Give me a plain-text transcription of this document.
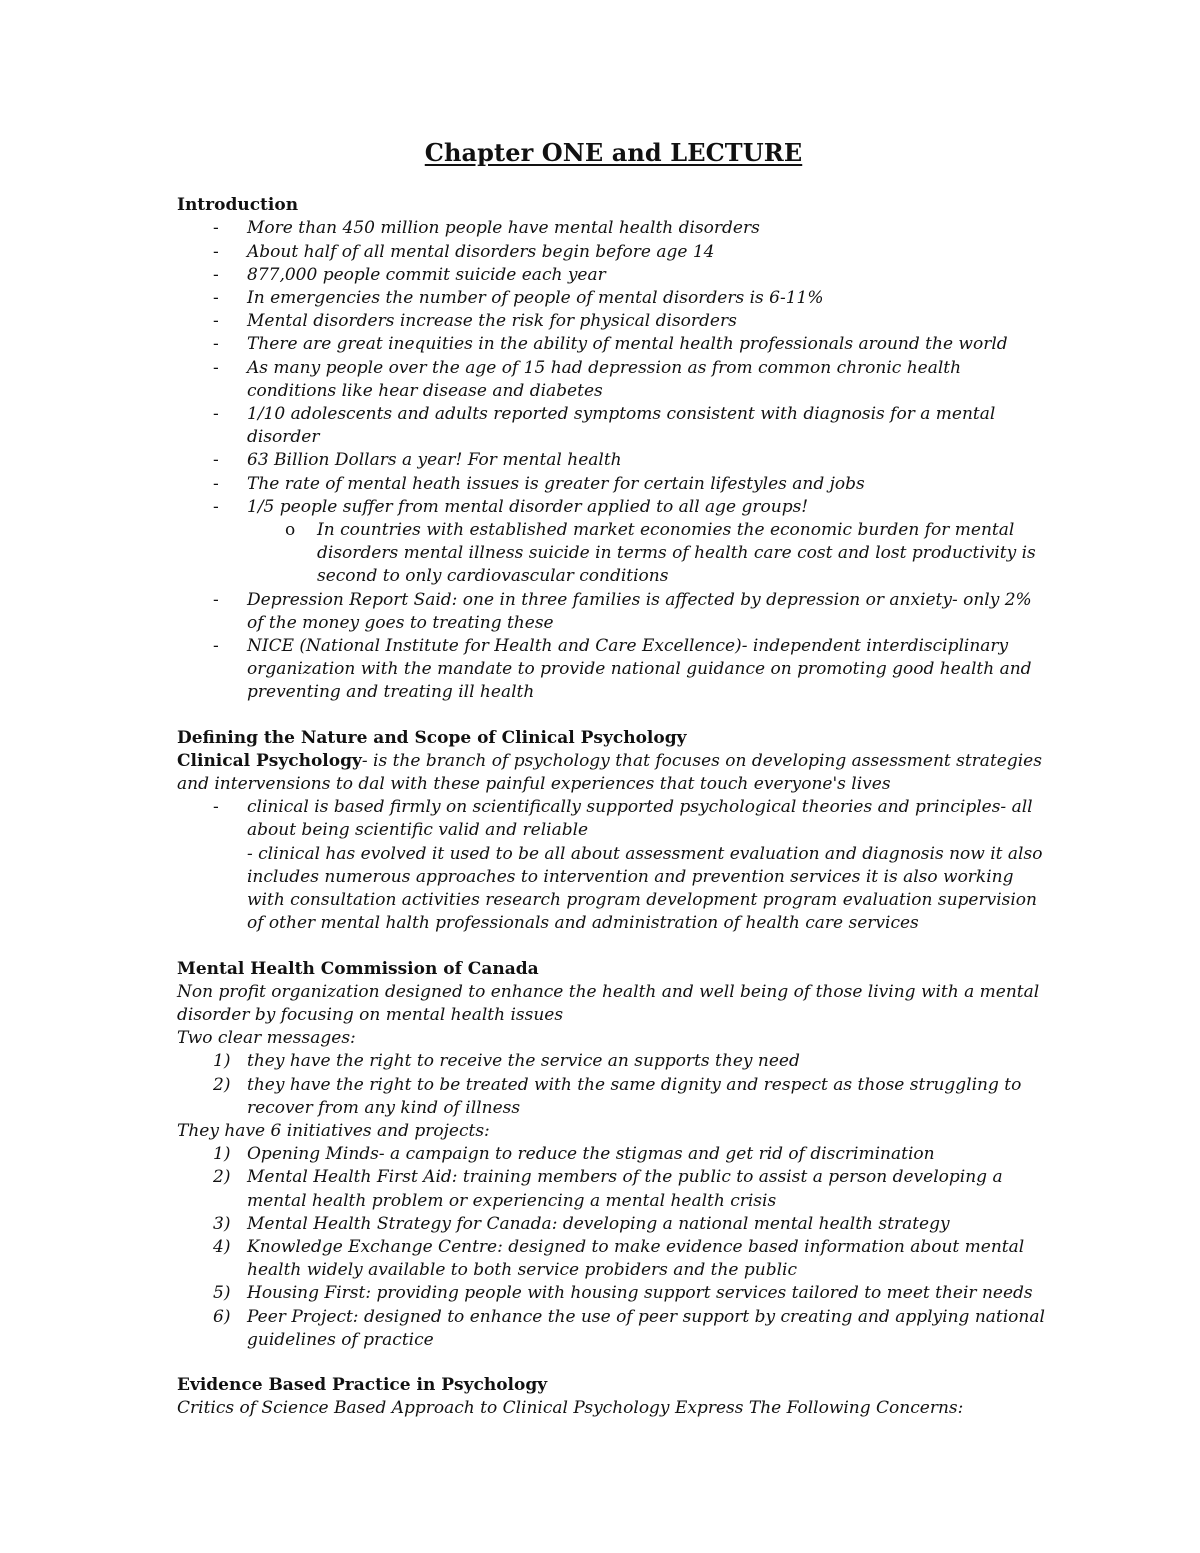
Chapter ONE and LECTURE

Introduction

- More than 450 million people have mental health disorders
- About half of all mental disorders begin before age 14
- 877,000 people commit suicide each year
- In emergencies the number of people of mental disorders is 6-11%
- Mental disorders increase the risk for physical disorders
- There are great inequities in the ability of mental health professionals around the world
- As many people over the age of 15 had depression as from common chronic health conditions like hear disease and diabetes
- 1/10 adolescents and adults reported symptoms consistent with diagnosis for a mental disorder
- 63 Billion Dollars a year! For mental health
- The rate of mental heath issues is greater for certain lifestyles and jobs
- 1/5 people suffer from mental disorder applied to all age groups!
o In countries with established market economies the economic burden for mental disorders mental illness suicide in terms of health care cost and lost productivity is second to only cardiovascular conditions
- Depression Report Said: one in three families is affected by depression or anxiety- only 2% of the money goes to treating these
- NICE (National Institute for Health and Care Excellence)- independent interdisciplinary organization with the mandate to provide national guidance on promoting good health and preventing and treating ill health

Defining the Nature and Scope of Clinical Psychology

Clinical Psychology- is the branch of psychology that focuses on developing assessment strategies and intervensions to dal with these painful experiences that touch everyone's lives

- clinical is based firmly on scientifically supported psychological theories and principles- all about being scientific valid and reliable
- clinical has evolved it used to be all about assessment evaluation and diagnosis now it also includes numerous approaches to intervention and prevention services it is also working with consultation activities research program development program evaluation supervision of other mental halth professionals and administration of health care services

Mental Health Commission of Canada

Non profit organization designed to enhance the health and well being of those living with a mental disorder by focusing on mental health issues

Two clear messages:

1) they have the right to receive the service an supports they need
2) they have the right to be treated with the same dignity and respect as those struggling to recover from any kind of illness

They have 6 initiatives and projects:

1) Opening Minds- a campaign to reduce the stigmas and get rid of discrimination
2) Mental Health First Aid: training members of the public to assist a person developing a mental health problem or experiencing a mental health crisis
3) Mental Health Strategy for Canada: developing a national mental health strategy
4) Knowledge Exchange Centre: designed to make evidence based information about mental health widely available to both service probiders and the public
5) Housing First: providing people with housing support services tailored to meet their needs
6) Peer Project: designed to enhance the use of peer support by creating and applying national guidelines of practice

Evidence Based Practice in Psychology

Critics of Science Based Approach to Clinical Psychology Express The Following Concerns:
